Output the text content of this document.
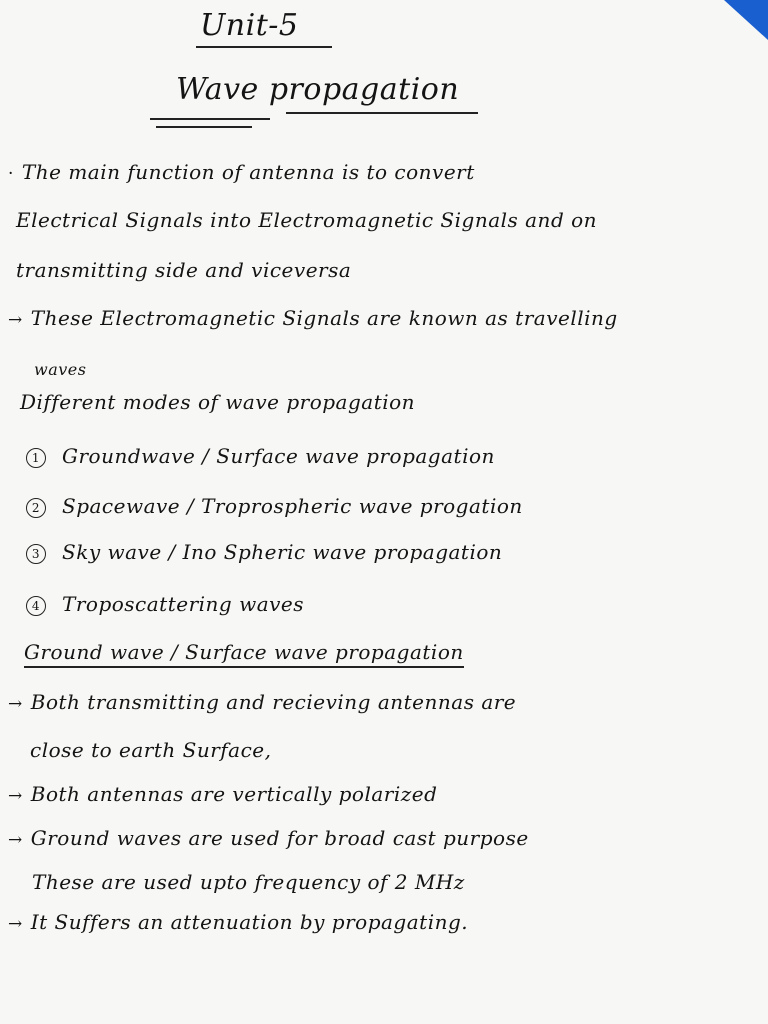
Unit-5
Wave propagation
· The main function of antenna is to convert
Electrical Signals into Electromagnetic Signals and on
transmitting side and viceversa
→ These Electromagnetic Signals are known as travelling
waves
Different modes of wave propagation
1 Groundwave / Surface wave propagation
2 Spacewave / Troprospheric wave progation
3 Sky wave / Ino Spheric wave propagation
4 Troposcattering waves
Ground wave / Surface wave propagation
→ Both transmitting and recieving antennas are
close to earth Surface,
→ Both antennas are vertically polarized
→ Ground waves are used for broad cast purpose
These are used upto frequency of 2 MHz
→ It Suffers an attenuation by propagating.
